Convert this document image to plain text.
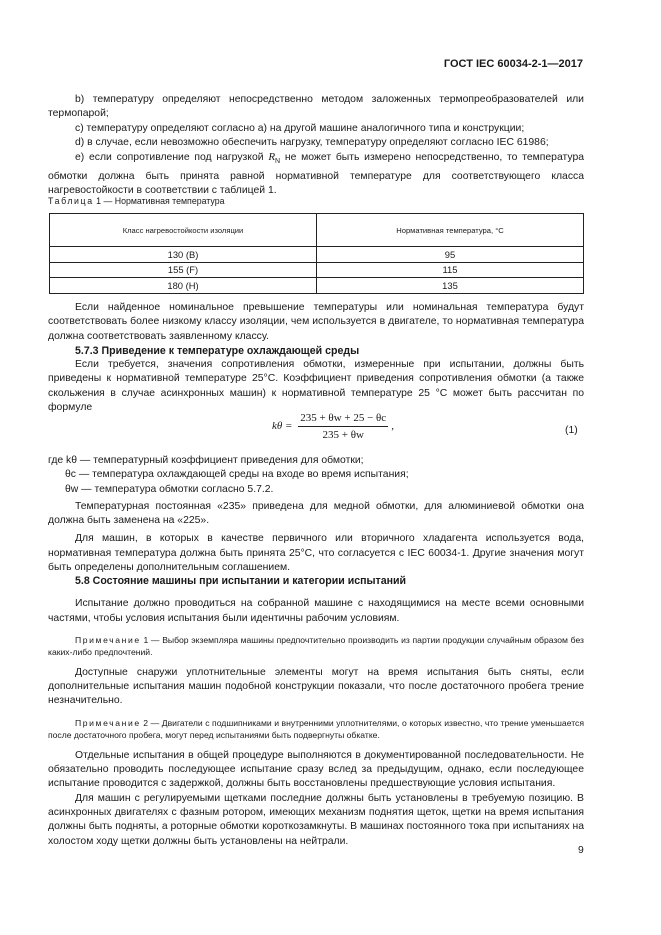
ГОСТ IEC 60034-2-1—2017

b) температуру определяют непосредственно методом заложенных термопреобразователей или термопарой;

c) температуру определяют согласно a) на другой машине аналогичного типа и конструкции;

d) в случае, если невозможно обеспечить нагрузку, температуру определяют согласно IEC 61986;

e) если сопротивление под нагрузкой $R_N$ не может быть измерено непосредственно, то температура обмотки должна быть принята равной нормативной температуре для соответствующего класса нагревостойкости в соответствии с таблицей 1.

Таблица 1 — Нормативная температура
Класс нагревостойкости изоляции	Нормативная температура, °C
130 (B)	95
155 (F)	115
180 (H)	135

Если найденное номинальное превышение температуры или номинальная температура будут соответствовать более низкому классу изоляции, чем используется в двигателе, то нормативная температура должна соответствовать заявленному классу.

5.7.3 Приведение к температуре охлаждающей среды

Если требуется, значения сопротивления обмотки, измеренные при испытании, должны быть приведены к нормативной температуре 25°C. Коэффициент приведения сопротивления обмотки (а также скольжения в случае асинхронных машин) к нормативной температуре 25 °C может быть рассчитан по формуле

$k\theta = \frac{235 + \theta w + 25 - \theta c}{235 + \theta w}$ ,	(1)

где kθ — температурный коэффициент приведения для обмотки;

θc — температура охлаждающей среды на входе во время испытания;

θw — температура обмотки согласно 5.7.2.

Температурная постоянная «235» приведена для медной обмотки, для алюминиевой обмотки она должна быть заменена на «225».

Для машин, в которых в качестве первичного или вторичного хладагента используется вода, нормативная температура должна быть принята 25°C, что согласуется с IEC 60034-1. Другие значения могут быть определены дополнительным соглашением.

5.8 Состояние машины при испытании и категории испытаний

Испытание должно проводиться на собранной машине с находящимися на месте всеми основными частями, чтобы условия испытания были идентичны рабочим условиям.

Примечание 1 — Выбор экземпляра машины предпочтительно производить из партии продукции случайным образом без каких-либо предпочтений.

Доступные снаружи уплотнительные элементы могут на время испытания быть сняты, если дополнительные испытания машин подобной конструкции показали, что после достаточного пробега трение незначительно.

Примечание 2 — Двигатели с подшипниками и внутренними уплотнителями, о которых известно, что трение уменьшается после достаточного пробега, могут перед испытаниями быть подвергнуты обкатке.

Отдельные испытания в общей процедуре выполняются в документированной последовательности. Не обязательно проводить последующее испытание сразу вслед за предыдущим, однако, если последующее испытание проводится с задержкой, должны быть восстановлены предшествующие условия испытания.

Для машин с регулируемыми щетками последние должны быть установлены в требуемую позицию. В асинхронных двигателях с фазным ротором, имеющих механизм поднятия щеток, щетки на время испытания должны быть подняты, а роторные обмотки короткозамкнуты. В машинах постоянного тока при испытаниях на холостом ходу щетки должны быть установлены на нейтрали.

9
